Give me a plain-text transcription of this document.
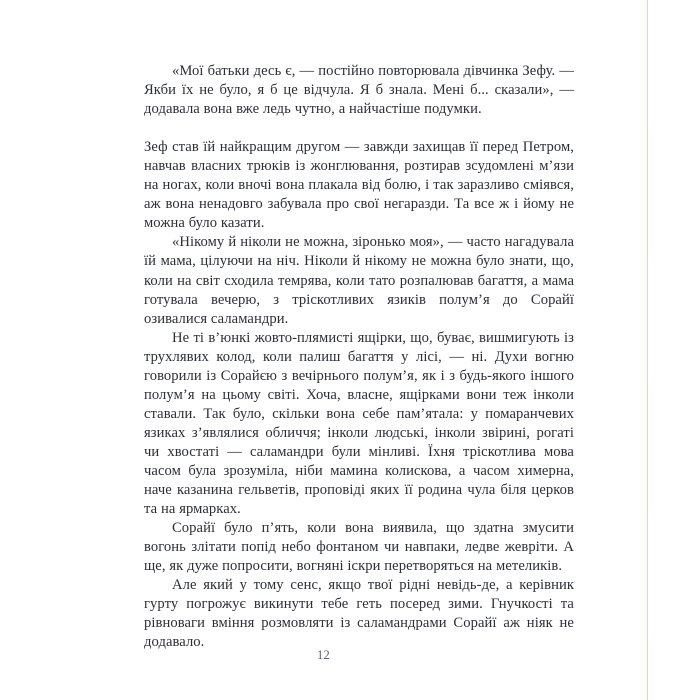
«Мої батьки десь є, — постійно повторювала дівчинка Зефу. — Якби їх не було, я б це відчула. Я б знала. Мені б... сказали», — додавала вона вже ледь чутно, а найчастіше подумки.

Зеф став їй найкращим другом — завжди захищав її перед Петром, навчав власних трюків із жонглювання, розтирав зсудомлені м’язи на ногах, коли вночі вона плакала від болю, і так заразливо сміявся, аж вона ненадовго забувала про свої негаразди. Та все ж і йому не можна було казати.

«Нікому й ніколи не можна, зіронько моя», — часто нагадувала їй мама, цілуючи на ніч. Ніколи й нікому не можна було знати, що, коли на світ сходила темрява, коли тато розпалював багаття, а мама готувала вечерю, з тріскотливих язиків полум’я до Сорайї озивалися саламандри.

Не ті в’юнкі жовто-плямисті ящірки, що, буває, вишмигують із трухлявих колод, коли палиш багаття у лісі, — ні. Духи вогню говорили із Сорайєю з вечірнього полум’я, як і з будь-якого іншого полум’я на цьому світі. Хоча, власне, ящірками вони теж інколи ставали. Так було, скільки вона себе пам’ятала: у помаранчевих язиках з’являлися обличчя; інколи людські, інколи звірині, рогаті чи хвостаті — саламандри були мінливі. Їхня тріскотлива мова часом була зрозуміла, ніби мамина колискова, а часом химерна, наче казанина гельветів, проповіді яких її родина чула біля церков та на ярмарках.

Сорайї було п’ять, коли вона виявила, що здатна змусити вогонь злітати попід небо фонтаном чи навпаки, ледве жевріти. А ще, як дуже попросити, вогняні іскри перетворяться на метеликів.

Але який у тому сенс, якщо твої рідні невідь-де, а керівник гурту погрожує викинути тебе геть посеред зими. Гнучкості та рівноваги вміння розмовляти із саламандрами Сорайї аж ніяк не додавало.

12
